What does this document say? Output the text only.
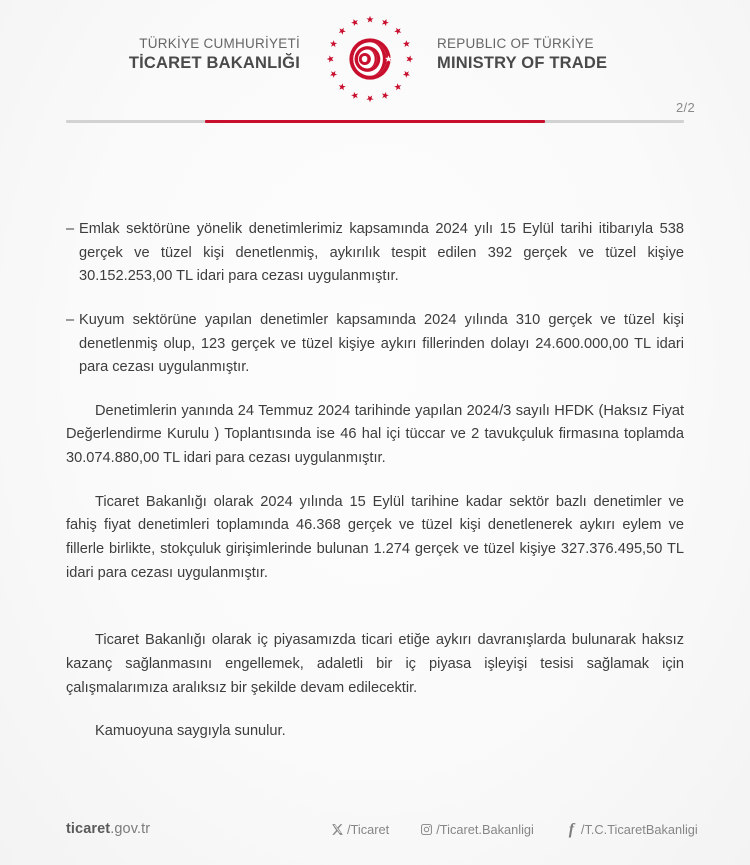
TÜRKİYE CUMHURİYETİ
TİCARET BAKANLIĞI
REPUBLIC OF TÜRKİYE
MINISTRY OF TRADE
2/2

– Emlak sektörüne yönelik denetimlerimiz kapsamında 2024 yılı 15 Eylül tarihi itibarıyla 538 gerçek ve tüzel kişi denetlenmiş, aykırılık tespit edilen 392 gerçek ve tüzel kişiye 30.152.253,00 TL idari para cezası uygulanmıştır.

– Kuyum sektörüne yapılan denetimler kapsamında 2024 yılında 310 gerçek ve tüzel kişi denetlenmiş olup, 123 gerçek ve tüzel kişiye aykırı fillerinden dolayı 24.600.000,00 TL idari para cezası uygulanmıştır.

Denetimlerin yanında 24 Temmuz 2024 tarihinde yapılan 2024/3 sayılı HFDK (Haksız Fiyat Değerlendirme Kurulu ) Toplantısında ise 46 hal içi tüccar ve 2 tavukçuluk firmasına toplamda 30.074.880,00 TL idari para cezası uygulanmıştır.

Ticaret Bakanlığı olarak 2024 yılında 15 Eylül tarihine kadar sektör bazlı denetimler ve fahiş fiyat denetimleri toplamında 46.368 gerçek ve tüzel kişi denetlenerek aykırı eylem ve fillerle birlikte, stokçuluk girişimlerinde bulunan 1.274 gerçek ve tüzel kişiye 327.376.495,50 TL idari para cezası uygulanmıştır.

Ticaret Bakanlığı olarak iç piyasamızda ticari etiğe aykırı davranışlarda bulunarak haksız kazanç sağlanmasını engellemek, adaletli bir iç piyasa işleyişi tesisi sağlamak için çalışmalarımıza aralıksız bir şekilde devam edilecektir.

Kamuoyuna saygıyla sunulur.

ticaret.gov.tr	/Ticaret	/Ticaret.Bakanligi f /T.C.TicaretBakanligi
